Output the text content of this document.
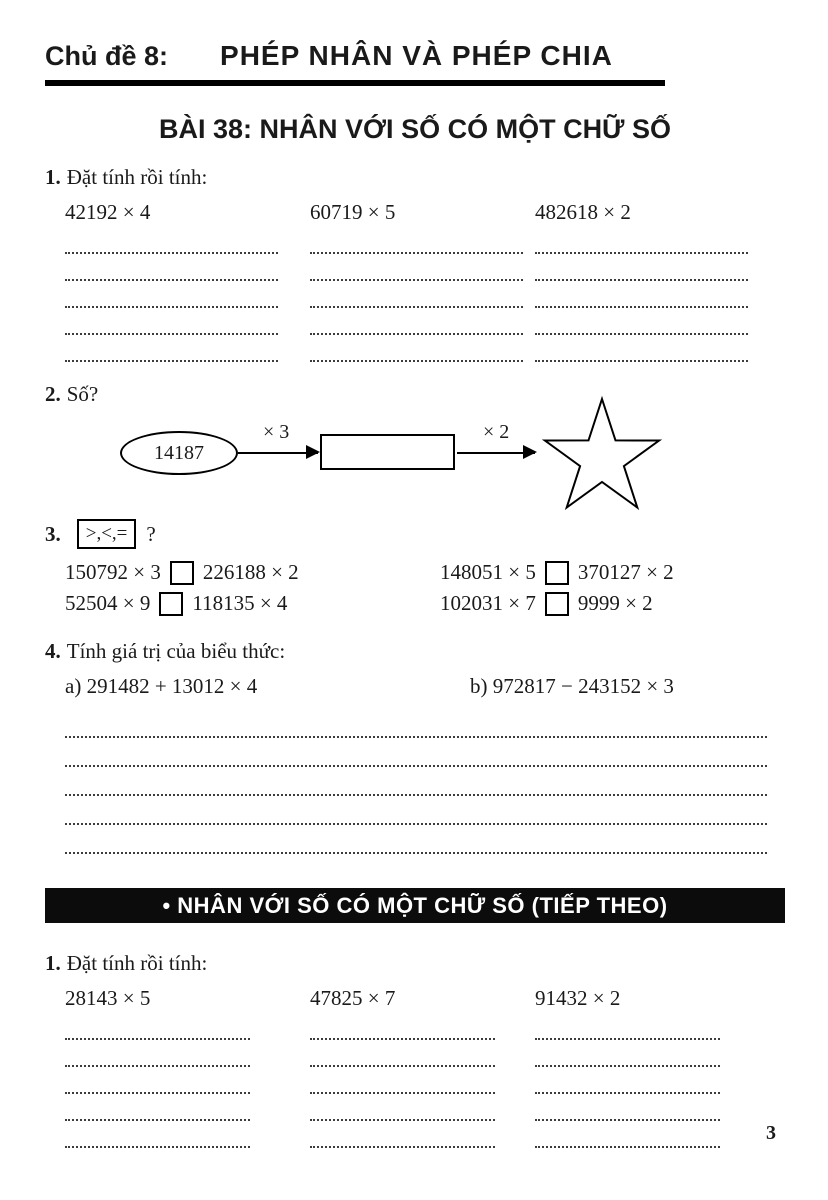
Chủ đề 8: PHÉP NHÂN VÀ PHÉP CHIA
BÀI 38: NHÂN VỚI SỐ CÓ MỘT CHỮ SỐ
1. Đặt tính rồi tính:
42192 × 4	60719 × 5	482618 × 2
2. Số?
14187
× 3	× 2
3.	>,<,= ?
150792 × 3 226188 × 2	148051 × 5 370127 × 2
52504 × 9 118135 × 4	102031 × 7 9999 × 2
4. Tính giá trị của biểu thức:
a) 291482 + 13012 × 4	b) 972817 − 243152 × 3
• NHÂN VỚI SỐ CÓ MỘT CHỮ SỐ (TIẾP THEO)
1. Đặt tính rồi tính:
28143 × 5	47825 × 7	91432 × 2
3
